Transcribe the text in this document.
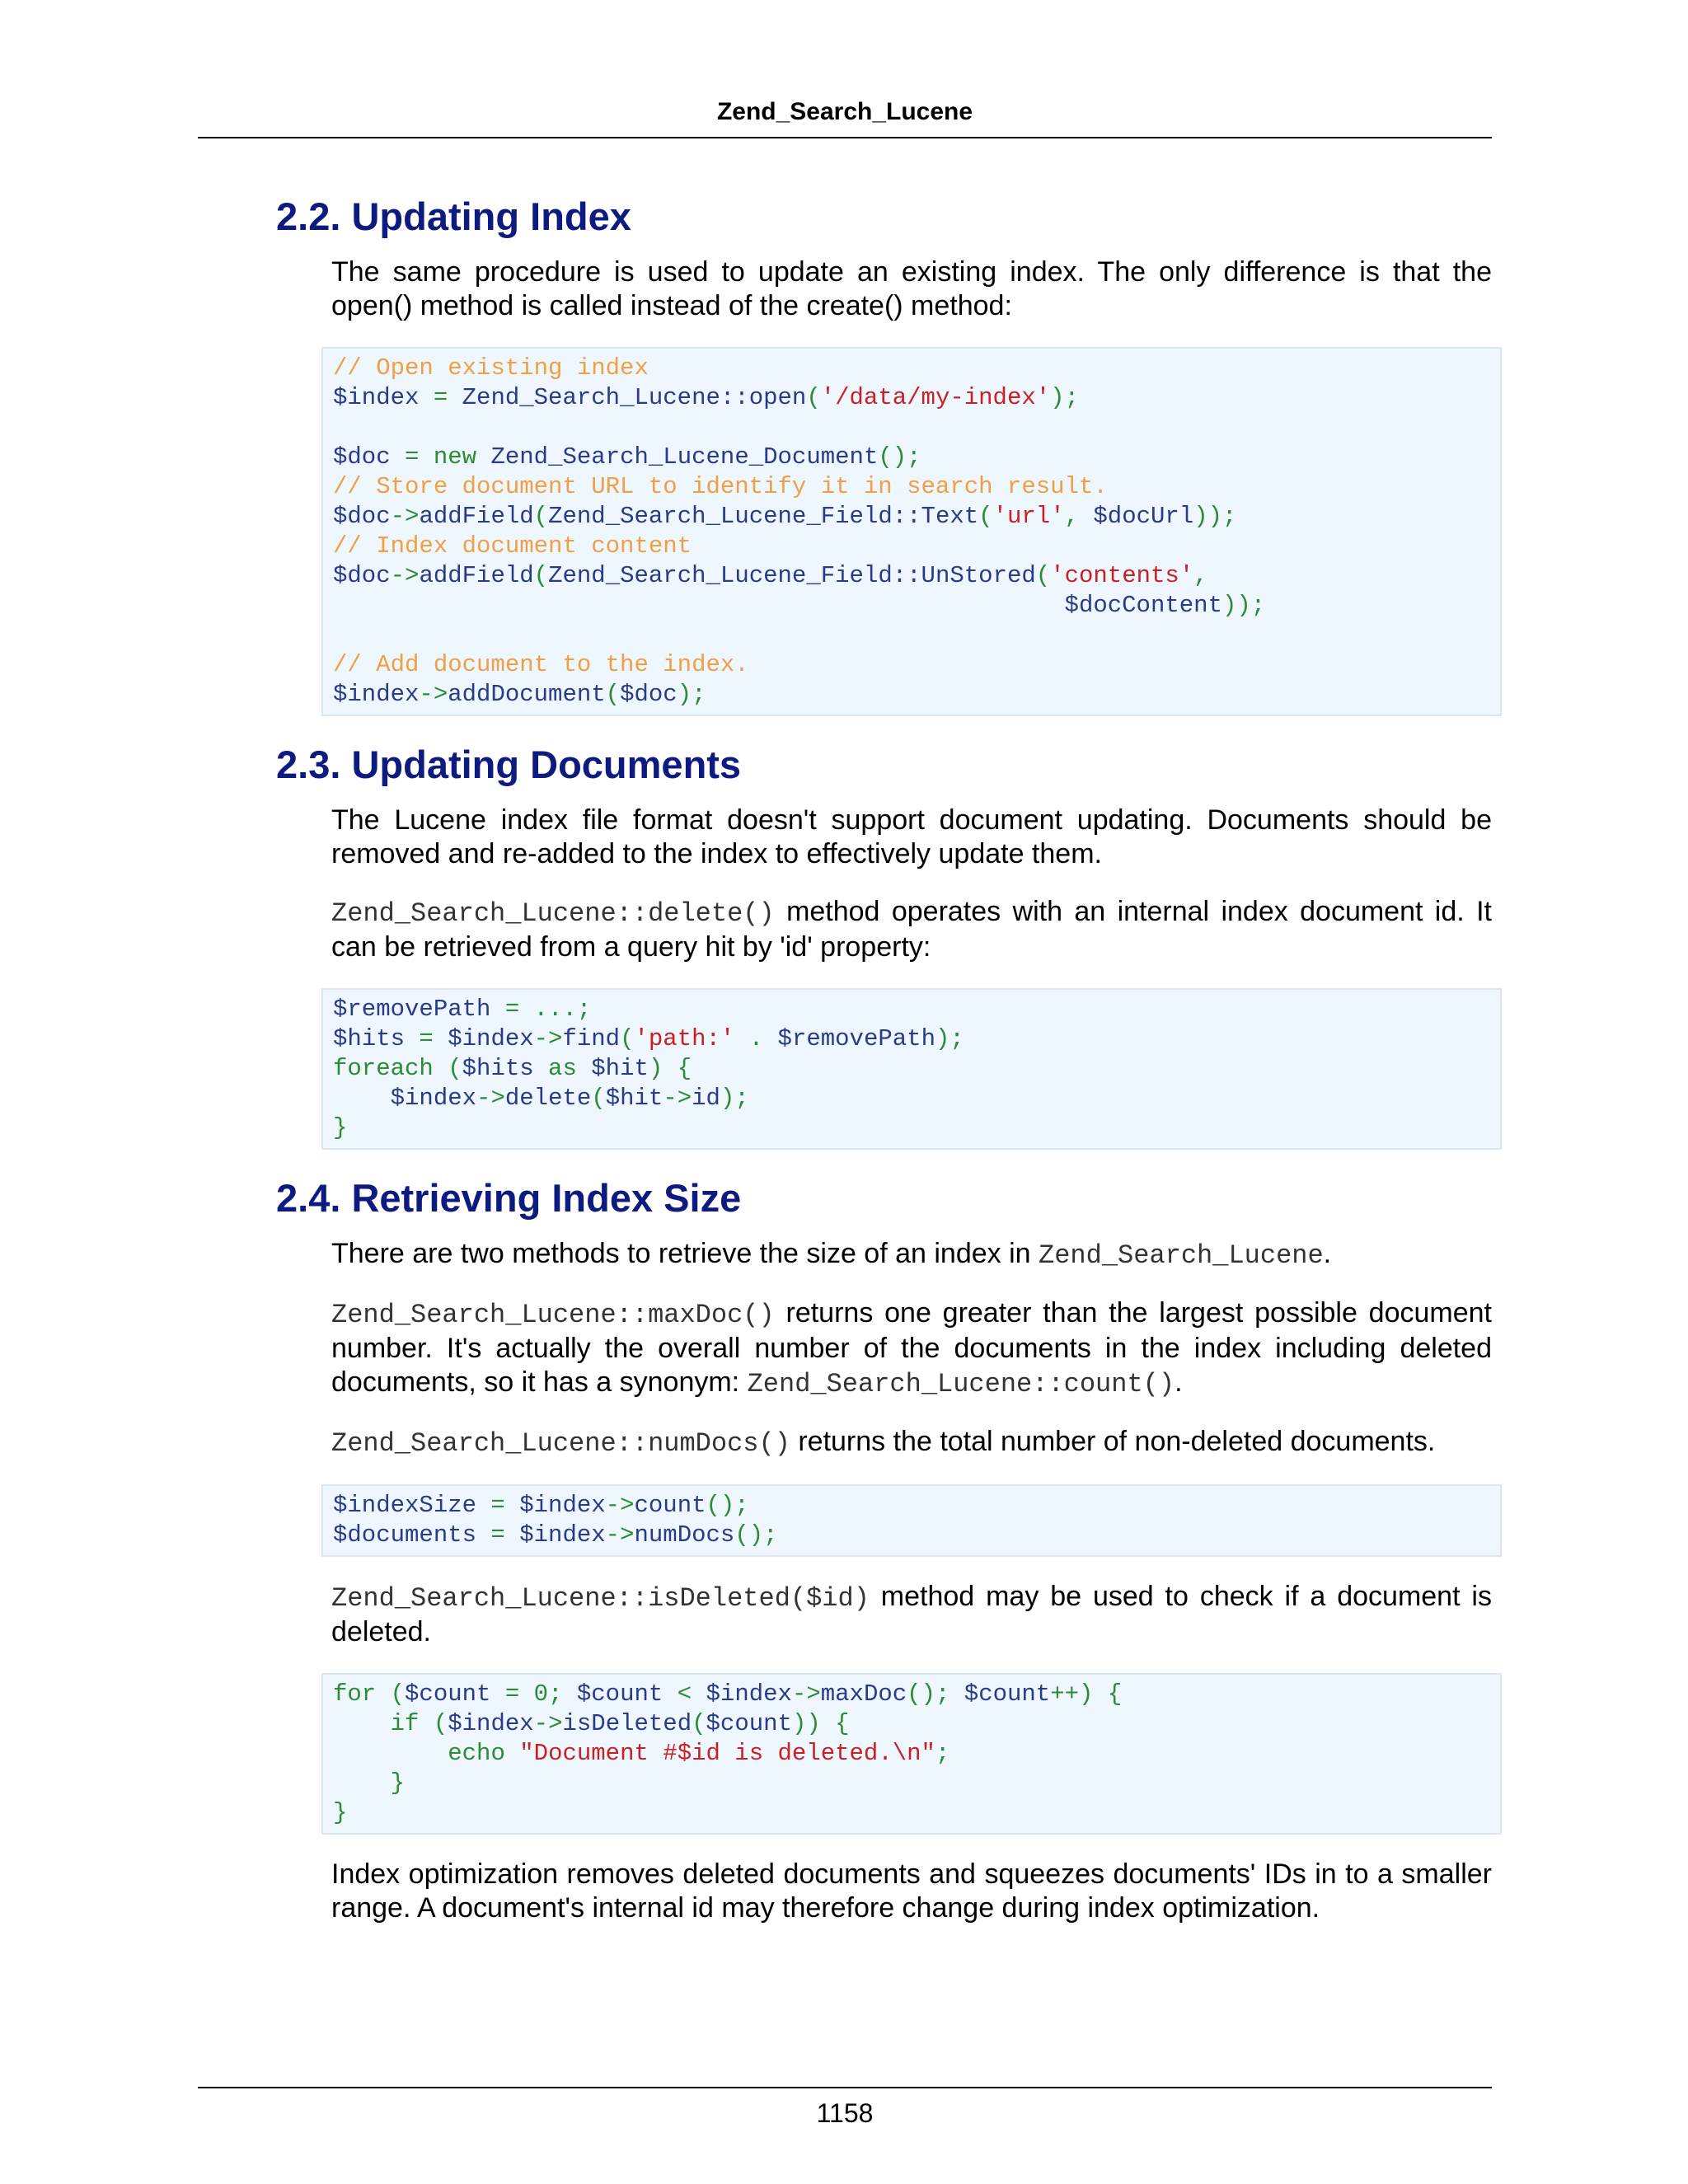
Zend_Search_Lucene
2.2. Updating Index

The same procedure is used to update an existing index. The only difference is that the open() method is called instead of the create() method:

// Open existing index
$index = Zend_Search_Lucene::open('/data/my-index');

$doc = new Zend_Search_Lucene_Document();
// Store document URL to identify it in search result.
$doc->addField(Zend_Search_Lucene_Field::Text('url', $docUrl));
// Index document content
$doc->addField(Zend_Search_Lucene_Field::UnStored('contents',
$docContent));

// Add document to the index.
$index->addDocument($doc);
2.3. Updating Documents

The Lucene index file format doesn't support document updating. Documents should be removed and re-added to the index to effectively update them.

Zend_Search_Lucene::delete() method operates with an internal index document id. It can be retrieved from a query hit by 'id' property:

$removePath = ...;
$hits = $index->find('path:' . $removePath);
foreach ($hits as $hit) {
$index->delete($hit->id);
}
2.4. Retrieving Index Size

There are two methods to retrieve the size of an index in Zend_Search_Lucene.

Zend_Search_Lucene::maxDoc() returns one greater than the largest possible document number. It's actually the overall number of the documents in the index including deleted documents, so it has a synonym: Zend_Search_Lucene::count().

Zend_Search_Lucene::numDocs() returns the total number of non-deleted documents.

$indexSize = $index->count();
$documents = $index->numDocs();

Zend_Search_Lucene::isDeleted($id) method may be used to check if a document is deleted.

for ($count = 0; $count < $index->maxDoc(); $count++) {
if ($index->isDeleted($count)) {
echo "Document #$id is deleted.\n";
}
}

Index optimization removes deleted documents and squeezes documents' IDs in to a smaller range. A document's internal id may therefore change during index optimization.

1158
